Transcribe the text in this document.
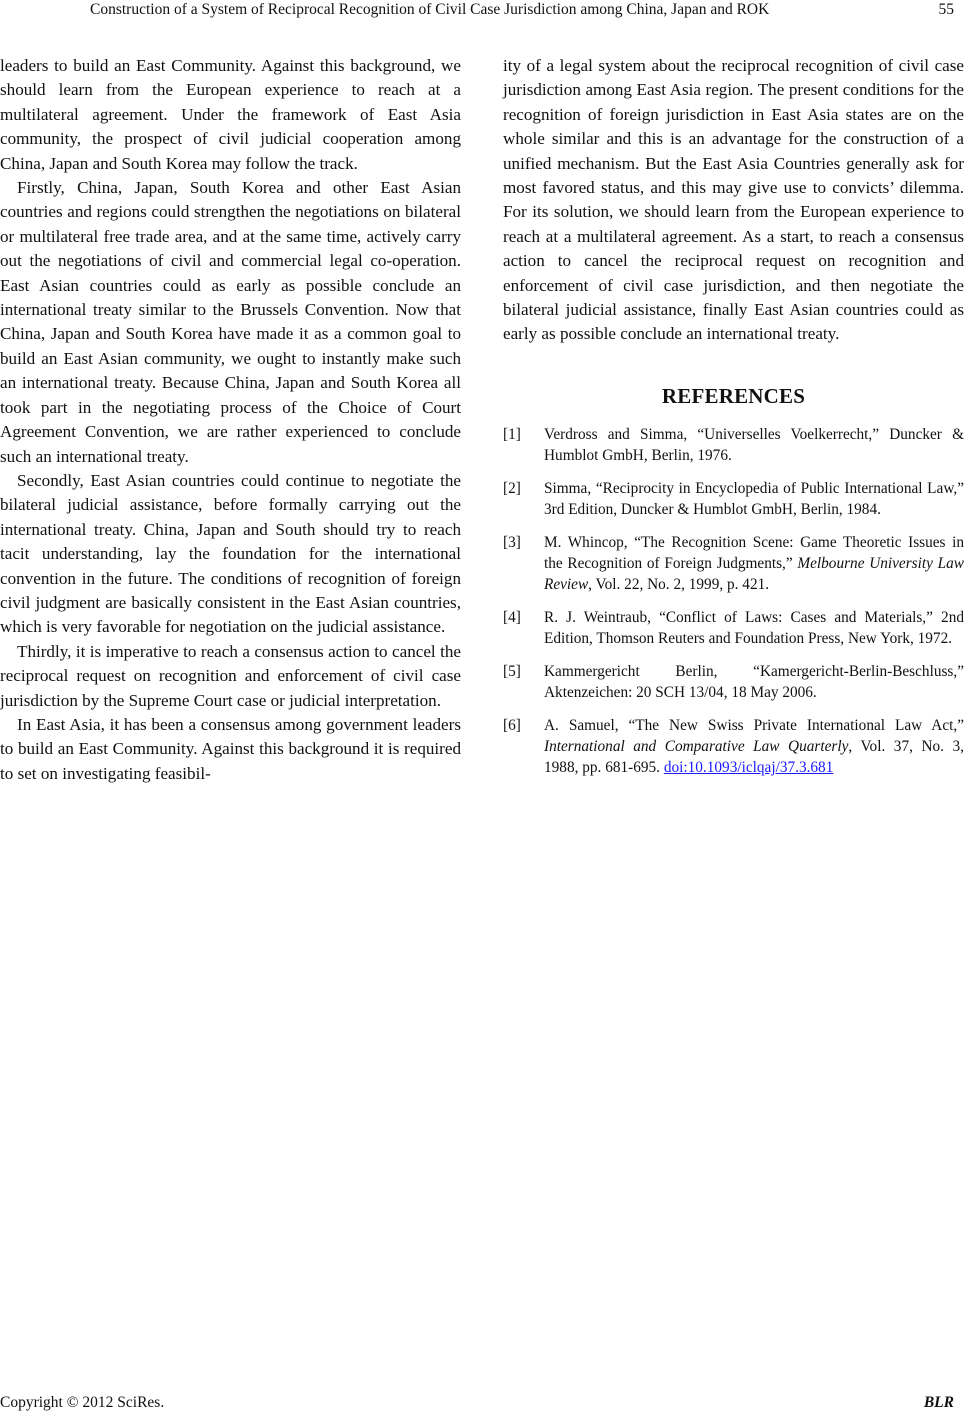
Construction of a System of Reciprocal Recognition of Civil Case Jurisdiction among China, Japan and ROK	55

leaders to build an East Community. Against this background, we should learn from the European experience to reach at a multilateral agreement. Under the framework of East Asia community, the prospect of civil judicial cooperation among China, Japan and South Korea may follow the track.

Firstly, China, Japan, South Korea and other East Asian countries and regions could strengthen the negotiations on bilateral or multilateral free trade area, and at the same time, actively carry out the negotiations of civil and commercial legal co-operation. East Asian countries could as early as possible conclude an international treaty similar to the Brussels Convention. Now that China, Japan and South Korea have made it as a common goal to build an East Asian community, we ought to instantly make such an international treaty. Because China, Japan and South Korea all took part in the negotiating process of the Choice of Court Agreement Convention, we are rather experienced to conclude such an international treaty.

Secondly, East Asian countries could continue to negotiate the bilateral judicial assistance, before formally carrying out the international treaty. China, Japan and South should try to reach tacit understanding, lay the foundation for the international convention in the future. The conditions of recognition of foreign civil judgment are basically consistent in the East Asian countries, which is very favorable for negotiation on the judicial assistance.

Thirdly, it is imperative to reach a consensus action to cancel the reciprocal request on recognition and enforcement of civil case jurisdiction by the Supreme Court case or judicial interpretation.

In East Asia, it has been a consensus among government leaders to build an East Community. Against this background it is required to set on investigating feasibil-

ity of a legal system about the reciprocal recognition of civil case jurisdiction among East Asia region. The present conditions for the recognition of foreign jurisdiction in East Asia states are on the whole similar and this is an advantage for the construction of a unified mechanism. But the East Asia Countries generally ask for most favored status, and this may give use to convicts’ dilemma. For its solution, we should learn from the European experience to reach at a multilateral agreement. As a start, to reach a consensus action to cancel the reciprocal request on recognition and enforcement of civil case jurisdiction, and then negotiate the bilateral judicial assistance, finally East Asian countries could as early as possible conclude an international treaty.

REFERENCES
[1] Verdross and Simma, “Universelles Voelkerrecht,” Duncker & Humblot GmbH, Berlin, 1976.
[2] Simma, “Reciprocity in Encyclopedia of Public International Law,” 3rd Edition, Duncker & Humblot GmbH, Berlin, 1984.
[3] M. Whincop, “The Recognition Scene: Game Theoretic Issues in the Recognition of Foreign Judgments,” Melbourne University Law Review, Vol. 22, No. 2, 1999, p. 421.
[4] R. J. Weintraub, “Conflict of Laws: Cases and Materials,” 2nd Edition, Thomson Reuters and Foundation Press, New York, 1972.
[5] Kammergericht Berlin, “Kamergericht-Berlin-Beschluss,” Aktenzeichen: 20 SCH 13/04, 18 May 2006.
[6] A. Samuel, “The New Swiss Private International Law Act,” International and Comparative Law Quarterly, Vol. 37, No. 3, 1988, pp. 681-695. doi:10.1093/iclqaj/37.3.681
Copyright © 2012 SciRes.	BLR
